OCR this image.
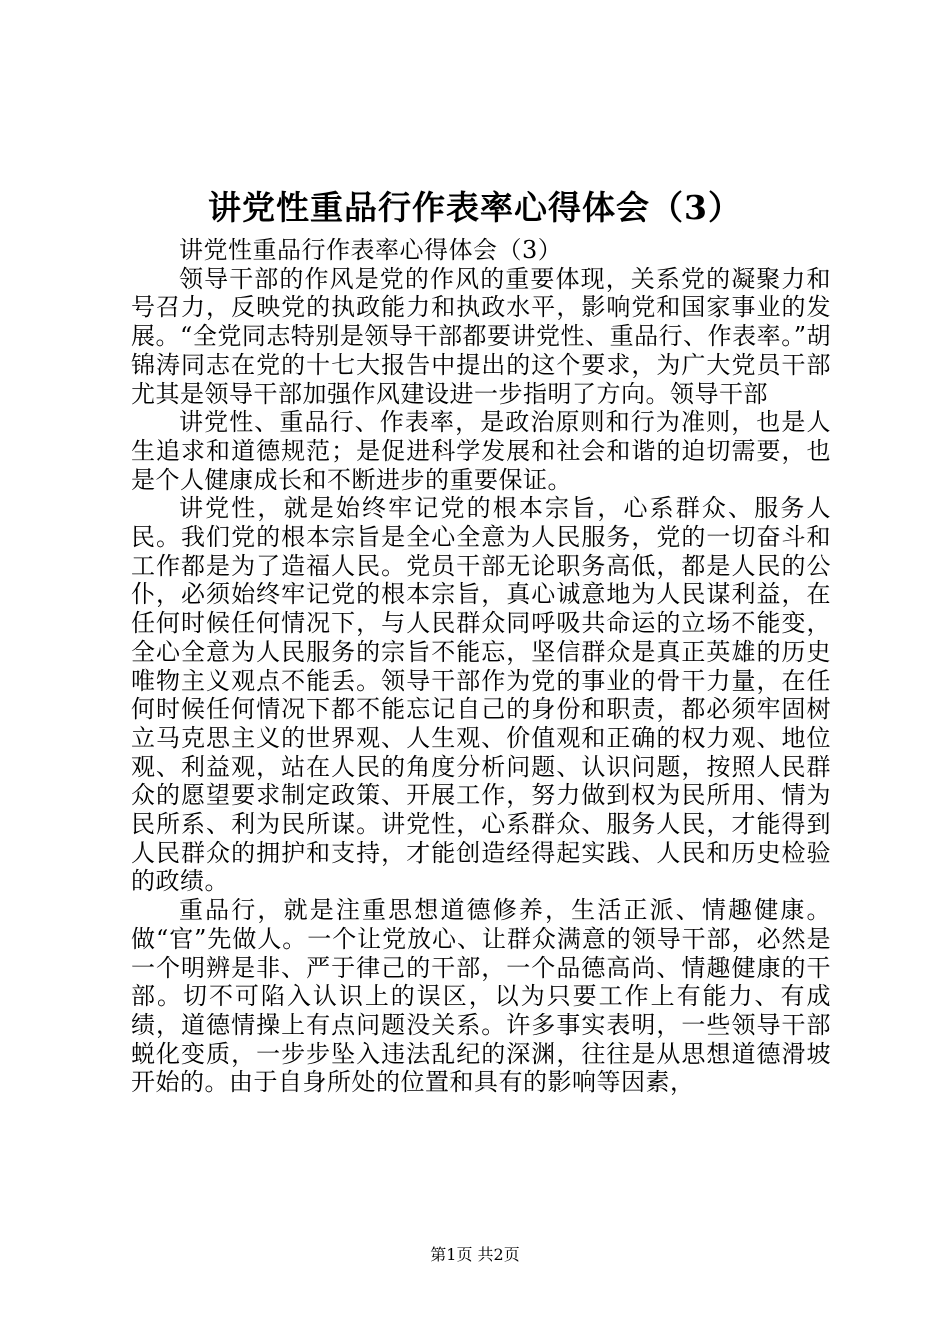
讲党性重品行作表率心得体会（3）

讲党性重品行作表率心得体会（3）

领导干部的作风是党的作风的重要体现，关系党的凝聚力和号召力，反映党的执政能力和执政水平，影响党和国家事业的发展。“全党同志特别是领导干部都要讲党性、重品行、作表率。”胡锦涛同志在党的十七大报告中提出的这个要求，为广大党员干部尤其是领导干部加强作风建设进一步指明了方向。领导干部

讲党性、重品行、作表率，是政治原则和行为准则，也是人生追求和道德规范；是促进科学发展和社会和谐的迫切需要，也是个人健康成长和不断进步的重要保证。

讲党性，就是始终牢记党的根本宗旨，心系群众、服务人民。我们党的根本宗旨是全心全意为人民服务，党的一切奋斗和工作都是为了造福人民。党员干部无论职务高低，都是人民的公仆，必须始终牢记党的根本宗旨，真心诚意地为人民谋利益，在任何时候任何情况下，与人民群众同呼吸共命运的立场不能变，全心全意为人民服务的宗旨不能忘，坚信群众是真正英雄的历史唯物主义观点不能丢。领导干部作为党的事业的骨干力量，在任何时候任何情况下都不能忘记自己的身份和职责，都必须牢固树立马克思主义的世界观、人生观、价值观和正确的权力观、地位观、利益观，站在人民的角度分析问题、认识问题，按照人民群众的愿望要求制定政策、开展工作，努力做到权为民所用、情为民所系、利为民所谋。讲党性，心系群众、服务人民，才能得到人民群众的拥护和支持，才能创造经得起实践、人民和历史检验的政绩。

重品行，就是注重思想道德修养，生活正派、情趣健康。做“官”先做人。一个让党放心、让群众满意的领导干部，必然是一个明辨是非、严于律己的干部，一个品德高尚、情趣健康的干部。切不可陷入认识上的误区，以为只要工作上有能力、有成绩，道德情操上有点问题没关系。许多事实表明，一些领导干部蜕化变质，一步步坠入违法乱纪的深渊，往往是从思想道德滑坡开始的。由于自身所处的位置和具有的影响等因素，

第1页 共2页
